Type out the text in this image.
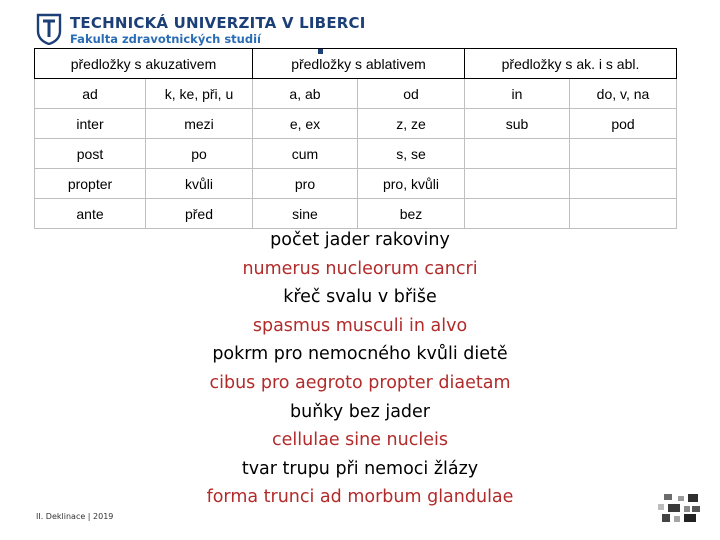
TECHNICKÁ UNIVERZITA V LIBERCI
Fakulta zdravotnických studií
předložky s akuzativem		předložky s ablativem		předložky s ak. i s abl.	
ad	k, ke, při, u	a, ab	od	in	do, v, na
inter	mezi	e, ex	z, ze	sub	pod
post	po	cum	s, se		
propter	kvůli	pro	pro, kvůli		
ante	před	sine	bez		
počet jader rakoviny
numerus nucleorum cancri
křeč svalu v břiše
spasmus musculi in alvo
pokrm pro nemocného kvůli dietě
cibus pro aegroto propter diaetam
buňky bez jader
cellulae sine nucleis
tvar trupu při nemoci žlázy
forma trunci ad morbum glandulae
II. Deklinace | 2019
